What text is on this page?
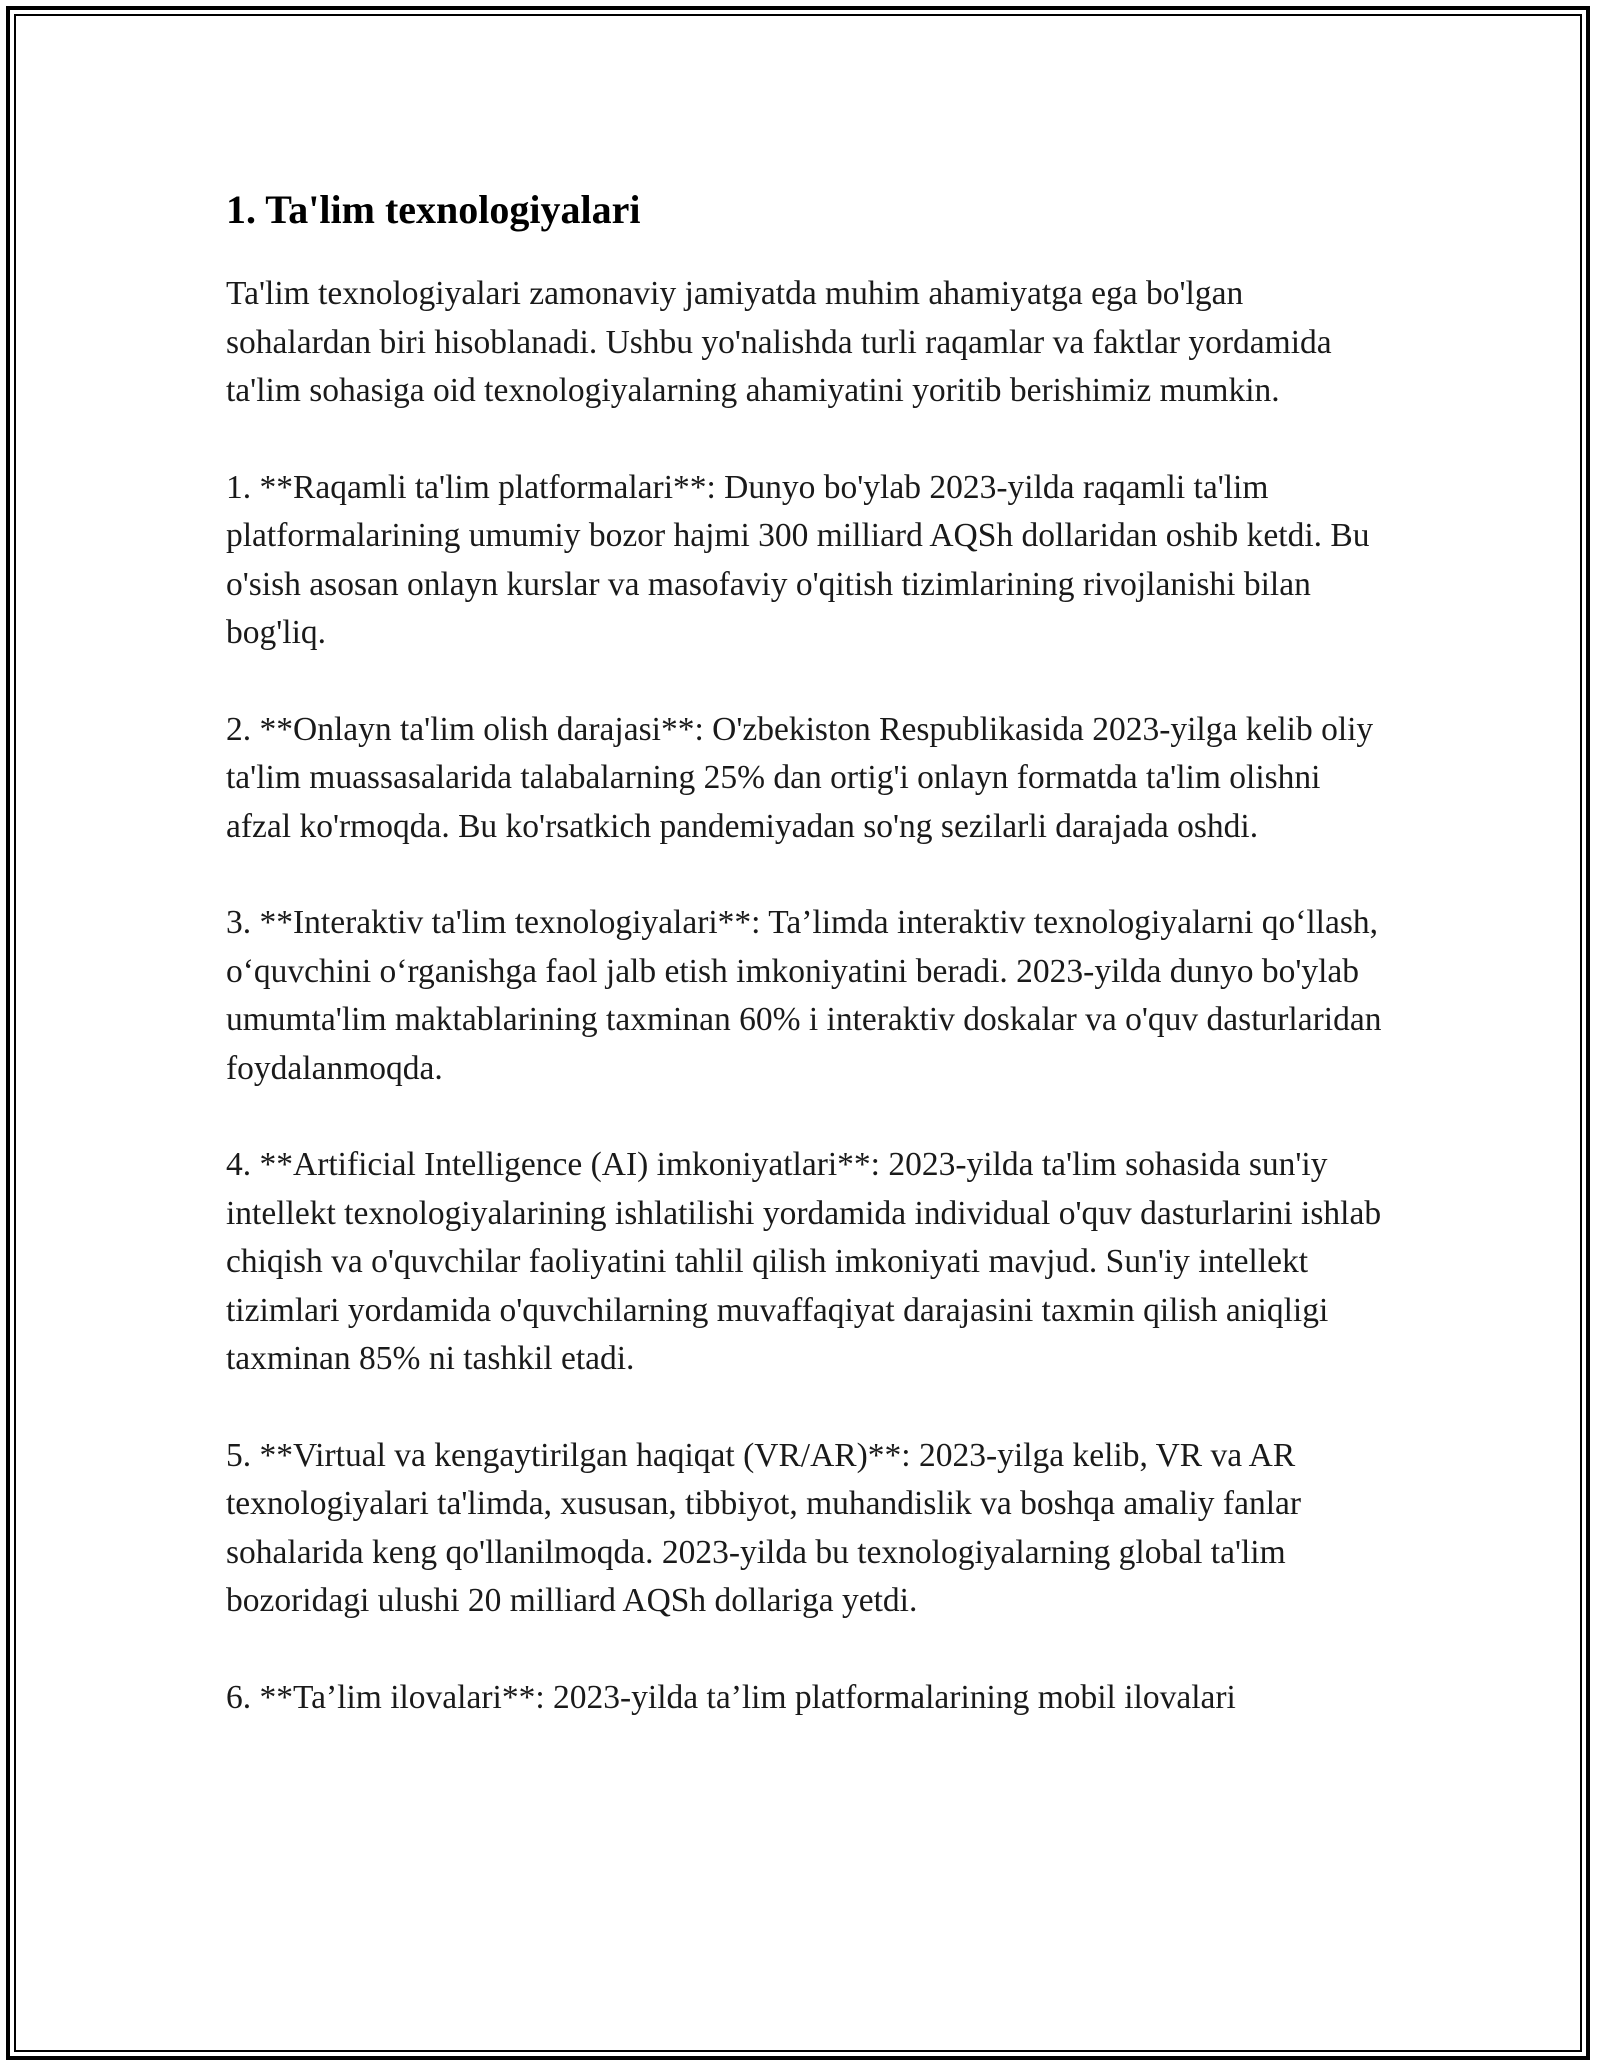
1. Ta'lim texnologiyalari

Ta'lim texnologiyalari zamonaviy jamiyatda muhim ahamiyatga ega bo'lgan sohalardan biri hisoblanadi. Ushbu yo'nalishda turli raqamlar va faktlar yordamida ta'lim sohasiga oid texnologiyalarning ahamiyatini yoritib berishimiz mumkin.

1. **Raqamli ta'lim platformalari**: Dunyo bo'ylab 2023-yilda raqamli ta'lim platformalarining umumiy bozor hajmi 300 milliard AQSh dollaridan oshib ketdi. Bu o'sish asosan onlayn kurslar va masofaviy o'qitish tizimlarining rivojlanishi bilan bog'liq.

2. **Onlayn ta'lim olish darajasi**: O'zbekiston Respublikasida 2023-yilga kelib oliy ta'lim muassasalarida talabalarning 25% dan ortig'i onlayn formatda ta'lim olishni afzal ko'rmoqda. Bu ko'rsatkich pandemiyadan so'ng sezilarli darajada oshdi.

3. **Interaktiv ta'lim texnologiyalari**: Ta’limda interaktiv texnologiyalarni qo‘llash, o‘quvchini o‘rganishga faol jalb etish imkoniyatini beradi. 2023-yilda dunyo bo'ylab umumta'lim maktablarining taxminan 60% i interaktiv doskalar va o'quv dasturlaridan foydalanmoqda.

4. **Artificial Intelligence (AI) imkoniyatlari**: 2023-yilda ta'lim sohasida sun'iy intellekt texnologiyalarining ishlatilishi yordamida individual o'quv dasturlarini ishlab chiqish va o'quvchilar faoliyatini tahlil qilish imkoniyati mavjud. Sun'iy intellekt tizimlari yordamida o'quvchilarning muvaffaqiyat darajasini taxmin qilish aniqligi taxminan 85% ni tashkil etadi.

5. **Virtual va kengaytirilgan haqiqat (VR/AR)**: 2023-yilga kelib, VR va AR texnologiyalari ta'limda, xususan, tibbiyot, muhandislik va boshqa amaliy fanlar sohalarida keng qo'llanilmoqda. 2023-yilda bu texnologiyalarning global ta'lim bozoridagi ulushi 20 milliard AQSh dollariga yetdi.

6. **Ta’lim ilovalari**: 2023-yilda ta’lim platformalarining mobil ilovalari
